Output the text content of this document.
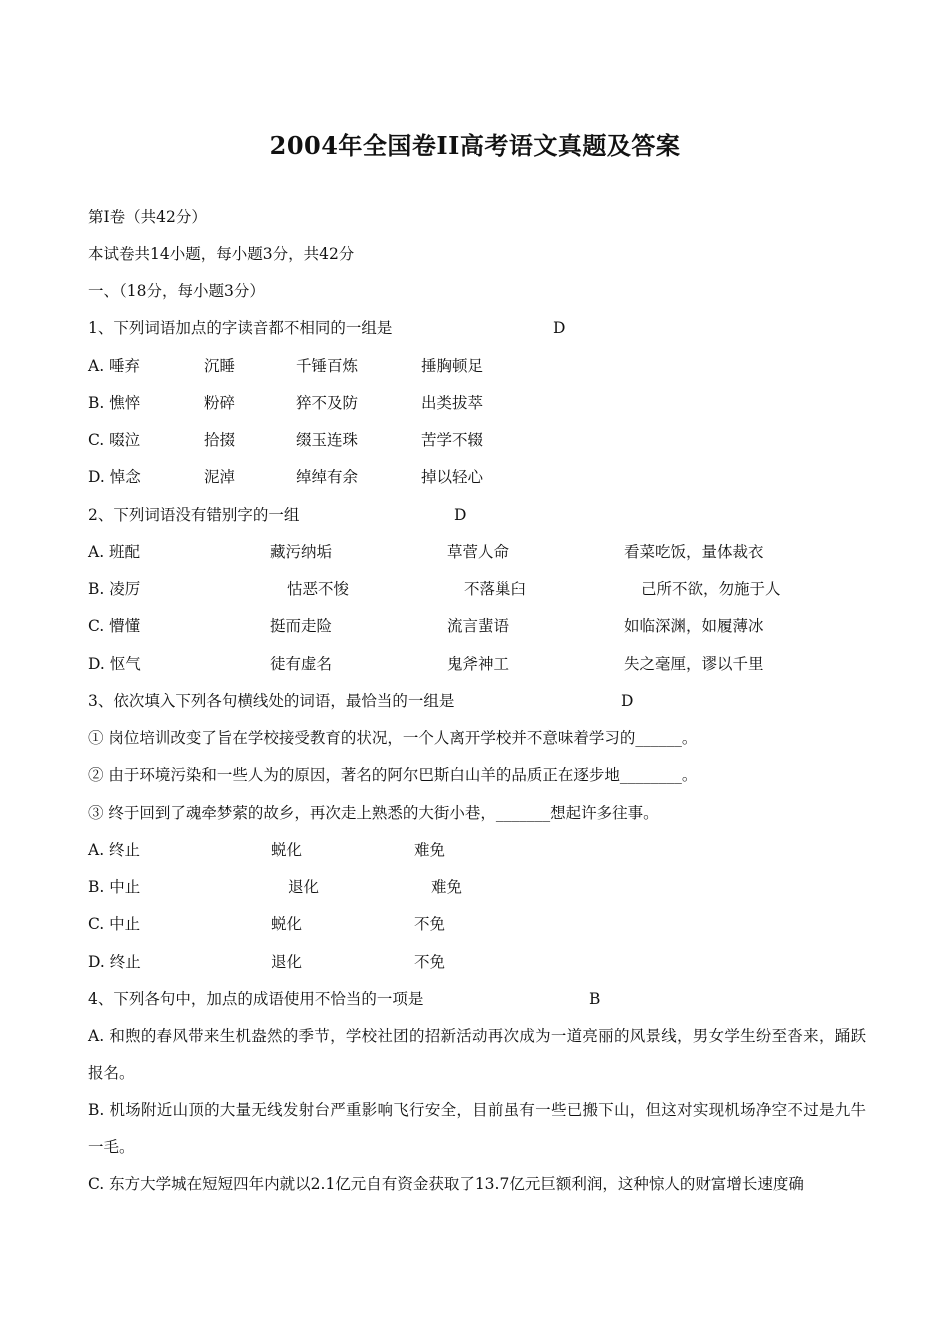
2004年全国卷II高考语文真题及答案
第Ⅰ卷（共42分）
本试卷共14小题，每小题3分，共42分
一、（18分，每小题3分）
1、下列词语加点的字读音都不相同的一组是	D
A. 唾弃	沉睡	千锤百炼	捶胸顿足
B. 憔悴	粉碎	猝不及防	出类拔萃
C. 啜泣	拾掇	缀玉连珠	苦学不辍
D. 悼念	泥淖	绰绰有余	掉以轻心
2、下列词语没有错别字的一组	D
A. 班配	藏污纳垢	草菅人命	看菜吃饭，量体裁衣
B. 凌厉	怙恶不悛	不落巢臼	己所不欲，勿施于人
C. 懵懂	挺而走险	流言蜚语	如临深渊，如履薄冰
D. 怄气	徒有虚名	鬼斧神工	失之毫厘，谬以千里
3、依次填入下列各句横线处的词语，最恰当的一组是	D
① 岗位培训改变了旨在学校接受教育的状况，一个人离开学校并不意味着学习的______。
② 由于环境污染和一些人为的原因，著名的阿尔巴斯白山羊的品质正在逐步地________。
③ 终于回到了魂牵梦萦的故乡，再次走上熟悉的大街小巷，_______想起许多往事。
A. 终止	蜕化	难免
B. 中止	退化	难免
C. 中止	蜕化	不免
D. 终止	退化	不免
4、下列各句中，加点的成语使用不恰当的一项是	B
A. 和煦的春风带来生机盎然的季节，学校社团的招新活动再次成为一道亮丽的风景线，男女学生纷至沓来，踊跃报名。
B. 机场附近山顶的大量无线发射台严重影响飞行安全，目前虽有一些已搬下山，但这对实现机场净空不过是九牛一毛。
C. 东方大学城在短短四年内就以2.1亿元自有资金获取了13.7亿元巨额利润，这种惊人的财富增长速度确
